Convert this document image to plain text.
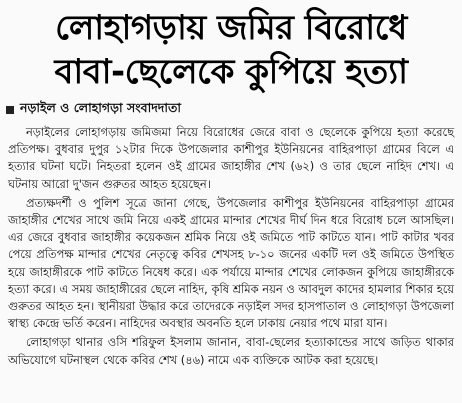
লোহাগড়ায় জমির বিরোধে
বাবা-ছেলেকে কুপিয়ে হত্যা
নড়াইল ও লোহাগড়া সংবাদদাতা

নড়াইলের লোহাগড়ায় জমিজমা নিয়ে বিরোধের জেরে বাবা ও ছেলেকে কুপিয়ে হত্যা করেছে প্রতিপক্ষ। বুধবার দুপুর ১২টার দিকে উপজেলার কাশীপুর ইউনিয়নের বাহিরপাড়া গ্রামের বিলে এ হত্যার ঘটনা ঘটে। নিহতরা হলেন ওই গ্রামের জাহাঙ্গীর শেখ (৬২) ও তার ছেলে নাহিদ শেখ। এ ঘটনায় আরো দু'জন গুরুতর আহত হয়েছেন।

প্রত্যক্ষদর্শী ও পুলিশ সূত্রে জানা গেছে, উপজেলার কাশীপুর ইউনিয়নের বাহিরপাড়া গ্রামের জাহাঙ্গীর শেখের সাথে জমি নিয়ে একই গ্রামের মান্দার শেখের দীর্ঘ দিন ধরে বিরোধ চলে আসছিল। এর জেরে বুধবার জাহাঙ্গীর কয়েকজন শ্রমিক নিয়ে ওই জমিতে পাট কাটতে যান। পাট কাটার খবর পেয়ে প্রতিপক্ষ মান্দার শেখের নেতৃত্বে কবির শেখসহ ৮-১০ জনের একটি দল ওই জমিতে উপস্থিত হয়ে জাহাঙ্গীরকে পাট কাটতে নিষেধ করে। এক পর্যায়ে মান্দার শেখের লোকজন কুপিয়ে জাহাঙ্গীরকে হত্যা করে। এ সময় জাহাঙ্গীরের ছেলে নাহিদ, কৃষি শ্রমিক নয়ন ও আবদুল কাদের হামলার শিকার হয়ে গুরুতর আহত হন। স্থানীয়রা উদ্ধার করে তাদেরকে নড়াইল সদর হাসপাতাল ও লোহাগড়া উপজেলা স্বাস্থ্য কেন্দ্রে ভর্তি করেন। নাহিদের অবস্থার অবনতি হলে ঢাকায় নেয়ার পথে মারা যান।

লোহাগড়া থানার ওসি শরিফুল ইসলাম জানান, বাবা-ছেলের হত্যাকান্ডের সাথে জড়িত থাকার অভিযোগে ঘটনাস্থল থেকে কবির শেখ (৪৬) নামে এক ব্যক্তিকে আটক করা হয়েছে।
